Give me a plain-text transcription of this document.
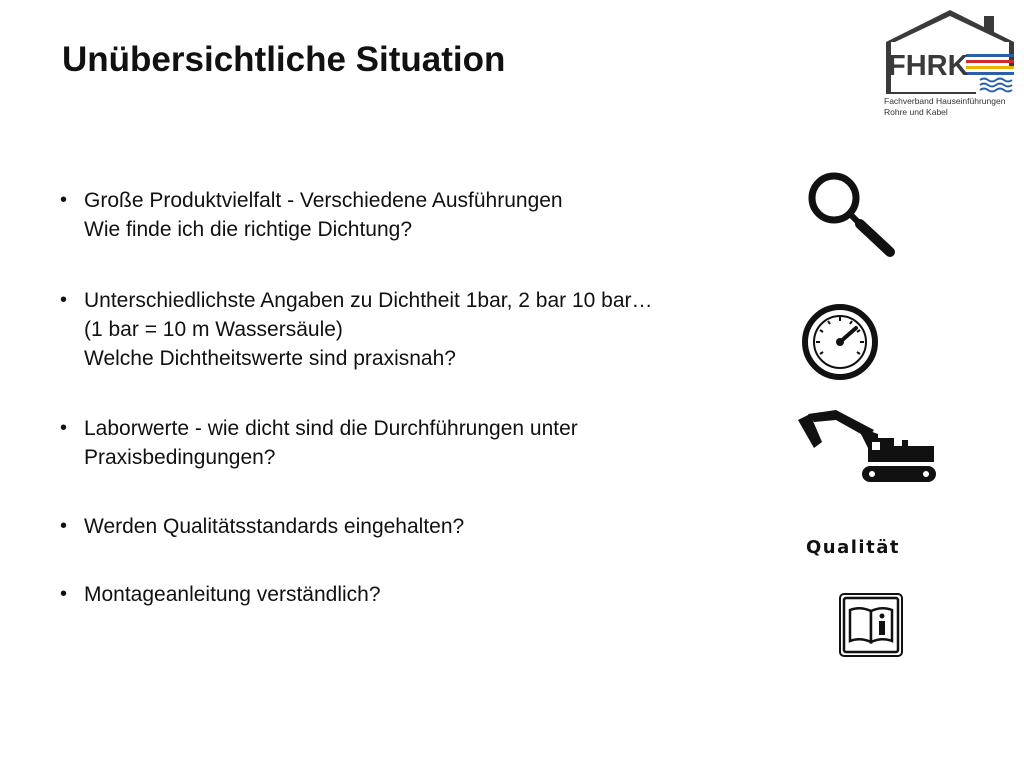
Unübersichtliche Situation	FHRK
Fachverband Hauseinführungen
Rohre und Kabel
• Große Produktvielfalt - Verschiedene Ausführungen
Wie finde ich die richtige Dichtung?
• Unterschiedlichste Angaben zu Dichtheit 1bar, 2 bar 10 bar…
(1 bar = 10 m Wassersäule)
Welche Dichtheitswerte sind praxisnah?
• Laborwerte - wie dicht sind die Durchführungen unter
Praxisbedingungen?
• Werden Qualitätsstandards eingehalten?
• Montageanleitung verständlich?
Qualität
